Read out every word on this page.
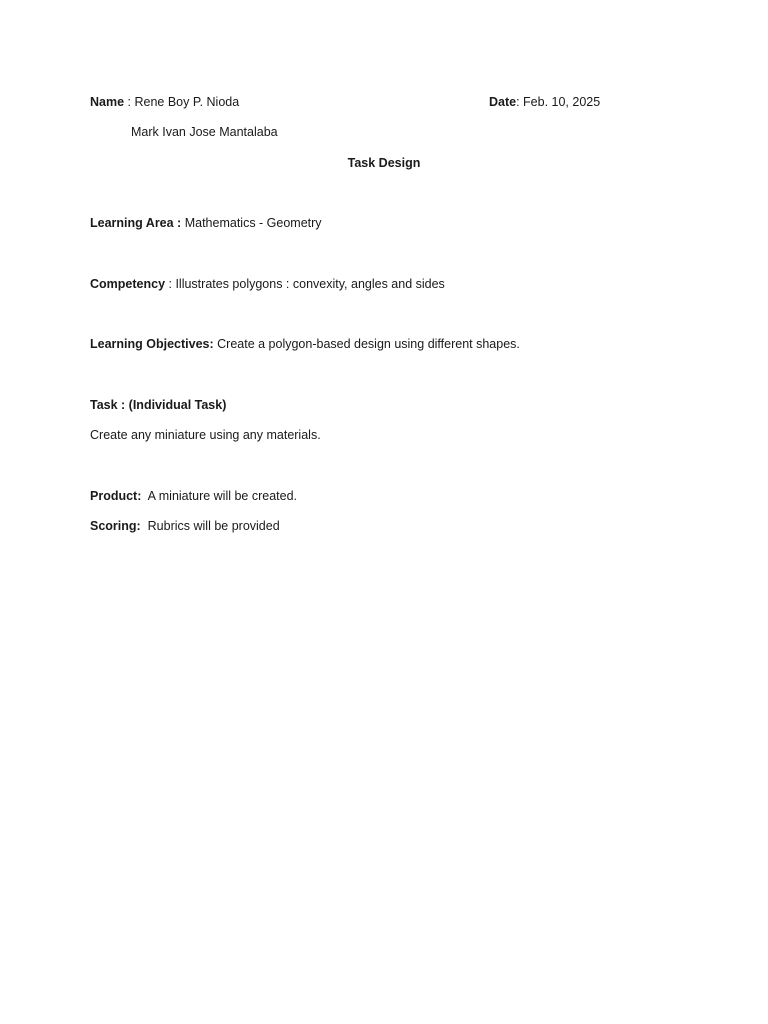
Name : Rene Boy P. Nioda	Date: Feb. 10, 2025
Mark Ivan Jose Mantalaba
Task Design
Learning Area : Mathematics - Geometry
Competency : Illustrates polygons : convexity, angles and sides
Learning Objectives: Create a polygon-based design using different shapes.
Task : (Individual Task)
Create any miniature using any materials.
Product:  A miniature will be created.
Scoring:  Rubrics will be provided
